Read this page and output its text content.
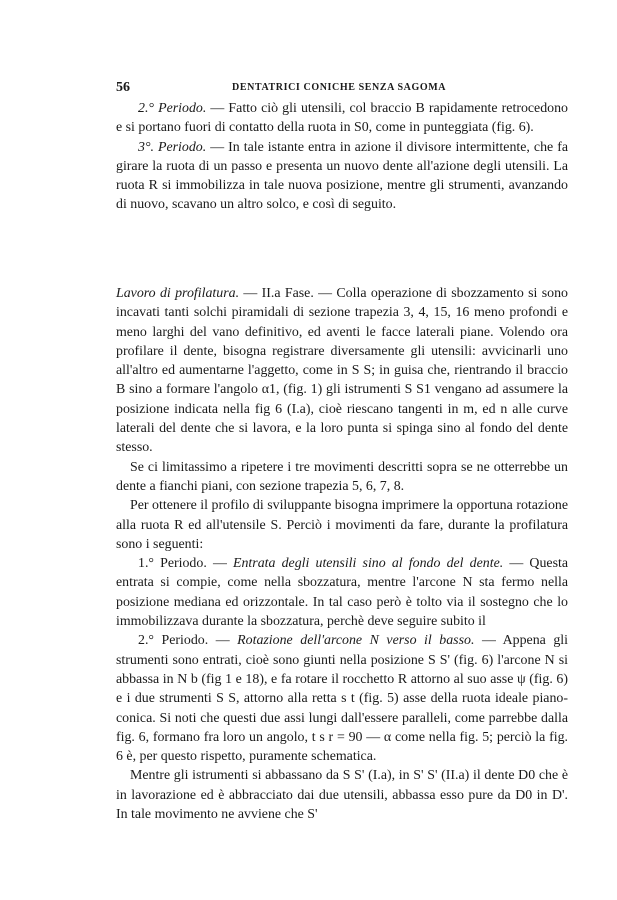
56	DENTATRICI CONICHE SENZA SAGOMA

2.° Periodo. — Fatto ciò gli utensili, col braccio B rapidamente retrocedono e si portano fuori di contatto della ruota in S0, come in punteggiata (fig. 6).

3°. Periodo. — In tale istante entra in azione il divisore intermittente, che fa girare la ruota di un passo e presenta un nuovo dente all'azione degli utensili. La ruota R si immobilizza in tale nuova posizione, mentre gli strumenti, avanzando di nuovo, scavano un altro solco, e così di seguito.

Lavoro di profilatura. — II.a Fase. — Colla operazione di sbozzamento si sono incavati tanti solchi piramidali di sezione trapezia 3, 4, 15, 16 meno profondi e meno larghi del vano definitivo, ed aventi le facce laterali piane. Volendo ora profilare il dente, bisogna registrare diversamente gli utensili: avvicinarli uno all'altro ed aumentarne l'aggetto, come in S S; in guisa che, rientrando il braccio B sino a formare l'angolo α1, (fig. 1) gli istrumenti S S1 vengano ad assumere la posizione indicata nella fig 6 (I.a), cioè riescano tangenti in m, ed n alle curve laterali del dente che si lavora, e la loro punta si spinga sino al fondo del dente stesso.

Se ci limitassimo a ripetere i tre movimenti descritti sopra se ne otterrebbe un dente a fianchi piani, con sezione trapezia 5, 6, 7, 8.

Per ottenere il profilo di sviluppante bisogna imprimere la opportuna rotazione alla ruota R ed all'utensile S. Perciò i movimenti da fare, durante la profilatura sono i seguenti:

1.° Periodo. — Entrata degli utensili sino al fondo del dente. — Questa entrata si compie, come nella sbozzatura, mentre l'arcone N sta fermo nella posizione mediana ed orizzontale. In tal caso però è tolto via il sostegno che lo immobilizzava durante la sbozzatura, perchè deve seguire subito il

2.° Periodo. — Rotazione dell'arcone N verso il basso. — Appena gli strumenti sono entrati, cioè sono giunti nella posizione S S' (fig. 6) l'arcone N si abbassa in N b (fig 1 e 18), e fa rotare il rocchetto R attorno al suo asse ψ (fig. 6) e i due strumenti S S, attorno alla retta s t (fig. 5) asse della ruota ideale piano-conica. Si noti che questi due assi lungi dall'essere paralleli, come parrebbe dalla fig. 6, formano fra loro un angolo, t s r = 90 — α come nella fig. 5; perciò la fig. 6 è, per questo rispetto, puramente schematica.

Mentre gli istrumenti si abbassano da S S' (I.a), in S' S' (II.a) il dente D0 che è in lavorazione ed è abbracciato dai due utensili, abbassa esso pure da D0 in D'. In tale movimento ne avviene che S'
